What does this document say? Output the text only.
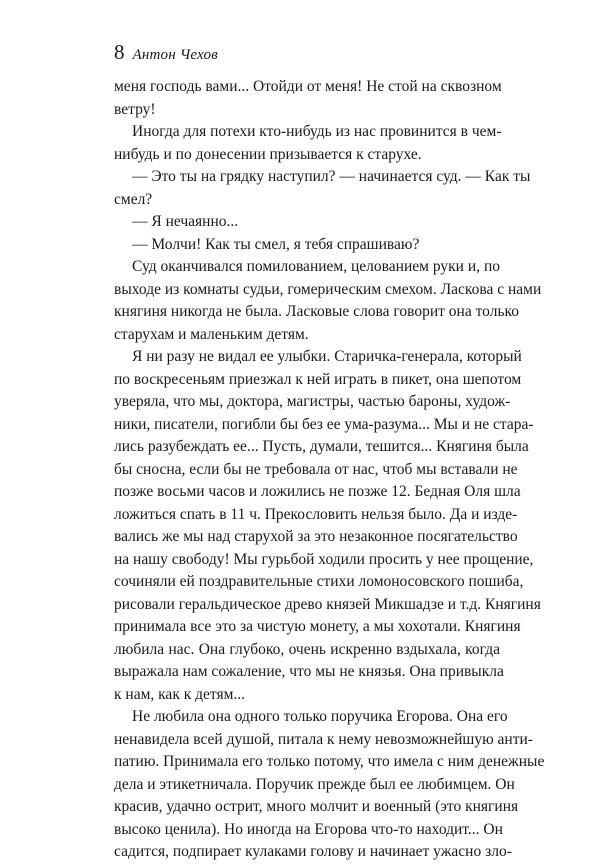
8 Антон Чехов
меня господь вами... Отойди от меня! Не стой на сквозном
ветру!
Иногда для потехи кто-нибудь из нас провинится в чем-
нибудь и по донесении призывается к старухе.
— Это ты на грядку наступил? — начинается суд. — Как ты
смел?
— Я нечаянно...
— Молчи! Как ты смел, я тебя спрашиваю?
Суд оканчивался помилованием, целованием руки и, по
выходе из комнаты судьи, гомерическим смехом. Ласкова с нами
княгиня никогда не была. Ласковые слова говорит она только
старухам и маленьким детям.
Я ни разу не видал ее улыбки. Старичка-генерала, который
по воскресеньям приезжал к ней играть в пикет, она шепотом
уверяла, что мы, доктора, магистры, частью бароны, худож-
ники, писатели, погибли бы без ее ума-разума... Мы и не стара-
лись разубеждать ее... Пусть, думали, тешится... Княгиня была
бы сносна, если бы не требовала от нас, чтоб мы вставали не
позже восьми часов и ложились не позже 12. Бедная Оля шла
ложиться спать в 11 ч. Прекословить нельзя было. Да и изде-
вались же мы над старухой за это незаконное посягательство
на нашу свободу! Мы гурьбой ходили просить у нее прощение,
сочиняли ей поздравительные стихи ломоносовского пошиба,
рисовали геральдическое древо князей Микшадзе и т.д. Княгиня
принимала все это за чистую монету, а мы хохотали. Княгиня
любила нас. Она глубоко, очень искренно вздыхала, когда
выражала нам сожаление, что мы не князья. Она привыкла
к нам, как к детям...
Не любила она одного только поручика Егорова. Она его
ненавидела всей душой, питала к нему невозможнейшую анти-
патию. Принимала его только потому, что имела с ним денежные
дела и этикетничала. Поручик прежде был ее любимцем. Он
красив, удачно острит, много молчит и военный (это княгиня
высоко ценила). Но иногда на Егорова что-то находит... Он
садится, подпирает кулаками голову и начинает ужасно зло-
